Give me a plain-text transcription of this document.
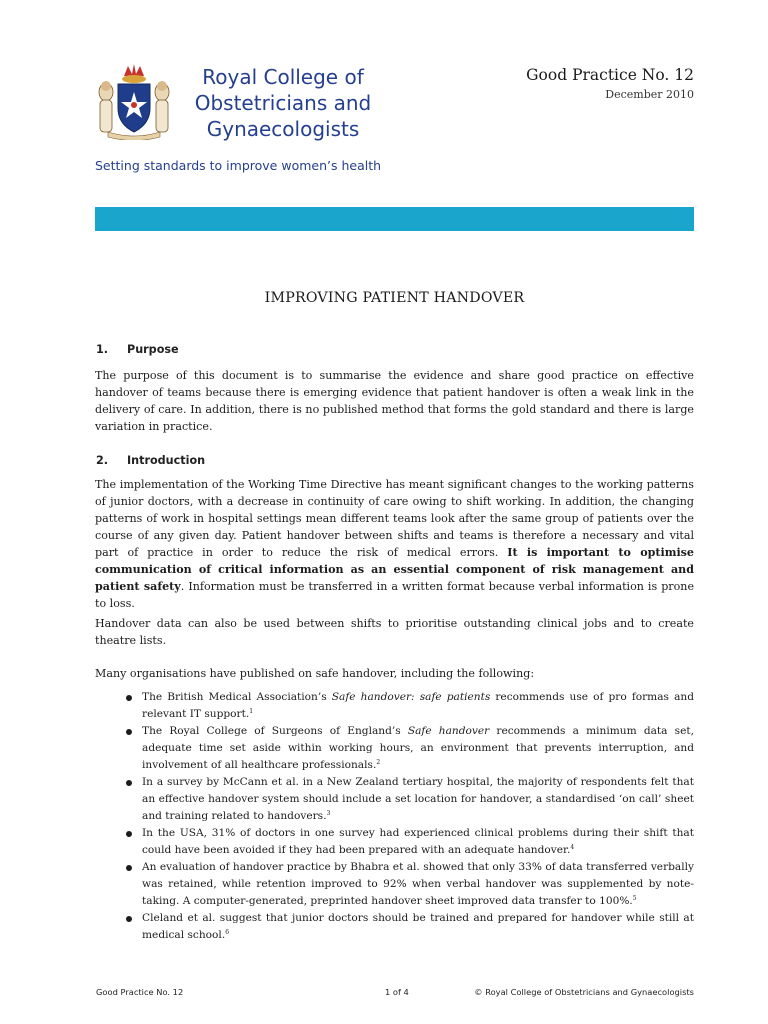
Royal College of
Obstetricians and
Gynaecologists
Setting standards to improve women’s health
Good Practice No. 12
December 2010
IMPROVING PATIENT HANDOVER
1. Purpose
The purpose of this document is to summarise the evidence and share good practice on effective handover of teams because there is emerging evidence that patient handover is often a weak link in the delivery of care. In addition, there is no published method that forms the gold standard and there is large variation in practice.
2. Introduction
The implementation of the Working Time Directive has meant significant changes to the working patterns of junior doctors, with a decrease in continuity of care owing to shift working. In addition, the changing patterns of work in hospital settings mean different teams look after the same group of patients over the course of any given day. Patient handover between shifts and teams is therefore a necessary and vital part of practice in order to reduce the risk of medical errors. It is important to optimise communication of critical information as an essential component of risk management and patient safety. Information must be transferred in a written format because verbal information is prone to loss.
Handover data can also be used between shifts to prioritise outstanding clinical jobs and to create theatre lists.
Many organisations have published on safe handover, including the following:
The British Medical Association’s Safe handover: safe patients recommends use of pro formas and relevant IT support.$^1$
The Royal College of Surgeons of England’s Safe handover recommends a minimum data set, adequate time set aside within working hours, an environment that prevents interruption, and involvement of all healthcare professionals.$^2$
In a survey by McCann et al. in a New Zealand tertiary hospital, the majority of respondents felt that an effective handover system should include a set location for handover, a standardised ‘on call’ sheet and training related to handovers.$^3$
In the USA, 31% of doctors in one survey had experienced clinical problems during their shift that could have been avoided if they had been prepared with an adequate handover.$^4$
An evaluation of handover practice by Bhabra et al. showed that only 33% of data transferred verbally was retained, while retention improved to 92% when verbal handover was supplemented by note-taking. A computer-generated, preprinted handover sheet improved data transfer to 100%.$^5$
Cleland et al. suggest that junior doctors should be trained and prepared for handover while still at medical school.$^6$
Good Practice No. 12	1 of 4	© Royal College of Obstetricians and Gynaecologists
